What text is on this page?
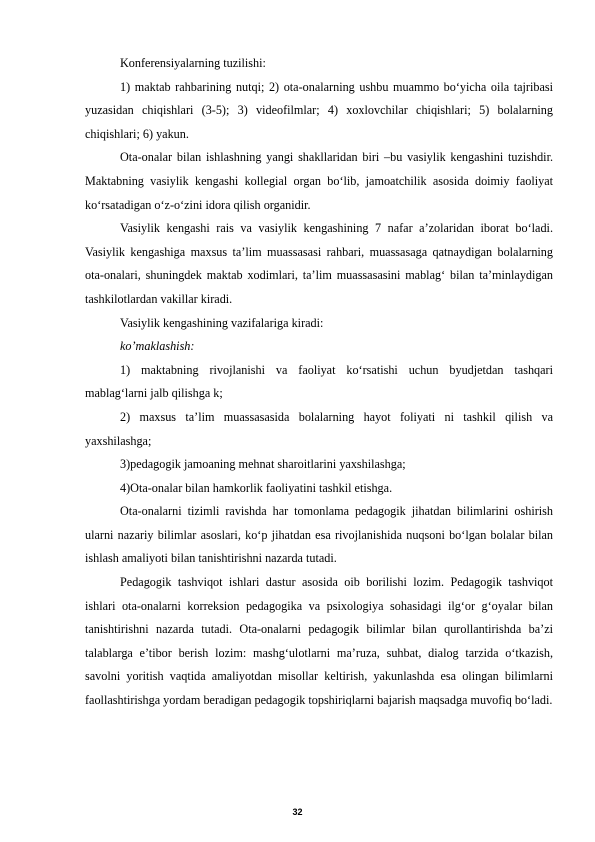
Konferensiyalarning tuzilishi:

1) maktab rahbarining nutqi; 2) ota-onalarning ushbu muammo bo‘yicha oila tajribasi yuzasidan chiqishlari (3-5); 3) videofilmlar; 4) xoxlovchilar chiqishlari; 5) bolalarning chiqishlari; 6) yakun.

Ota-onalar bilan ishlashning yangi shakllaridan biri –bu vasiylik kengashini tuzishdir. Maktabning vasiylik kengashi kollegial organ bo‘lib, jamoatchilik asosida doimiy faoliyat ko‘rsatadigan o‘z-o‘zini idora qilish organidir.

Vasiylik kengashi rais va vasiylik kengashining 7 nafar a’zolaridan iborat bo‘ladi. Vasiylik kengashiga maxsus ta’lim muassasasi rahbari, muassasaga qatnaydigan bolalarning ota-onalari, shuningdek maktab xodimlari, ta’lim muassasasini mablag‘ bilan ta’minlaydigan tashkilotlardan vakillar kiradi.

Vasiylik kengashining vazifalariga kiradi:

ko’maklashish:

1) maktabning rivojlanishi va faoliyat ko‘rsatishi uchun byudjetdan tashqari mablag‘larni jalb qilishga k;

2) maxsus ta’lim muassasasida bolalarning hayot foliyati ni tashkil qilish va yaxshilashga;

3)pedagogik jamoaning mehnat sharoitlarini yaxshilashga;

4)Ota-onalar bilan hamkorlik faoliyatini tashkil etishga.

Ota-onalarni tizimli ravishda har tomonlama pedagogik jihatdan bilimlarini oshirish ularni nazariy bilimlar asoslari, ko‘p jihatdan esa rivojlanishida nuqsoni bo‘lgan bolalar bilan ishlash amaliyoti bilan tanishtirishni nazarda tutadi.

Pedagogik tashviqot ishlari dastur asosida oib borilishi lozim. Pedagogik tashviqot ishlari ota-onalarni korreksion pedagogika va psixologiya sohasidagi ilg‘or g‘oyalar bilan tanishtirishni nazarda tutadi. Ota-onalarni pedagogik bilimlar bilan qurollantirishda ba’zi talablarga e’tibor berish lozim: mashg‘ulotlarni ma’ruza, suhbat, dialog tarzida o‘tkazish, savolni yoritish vaqtida amaliyotdan misollar keltirish, yakunlashda esa olingan bilimlarni faollashtirishga yordam beradigan pedagogik topshiriqlarni bajarish maqsadga muvofiq bo‘ladi.

32
